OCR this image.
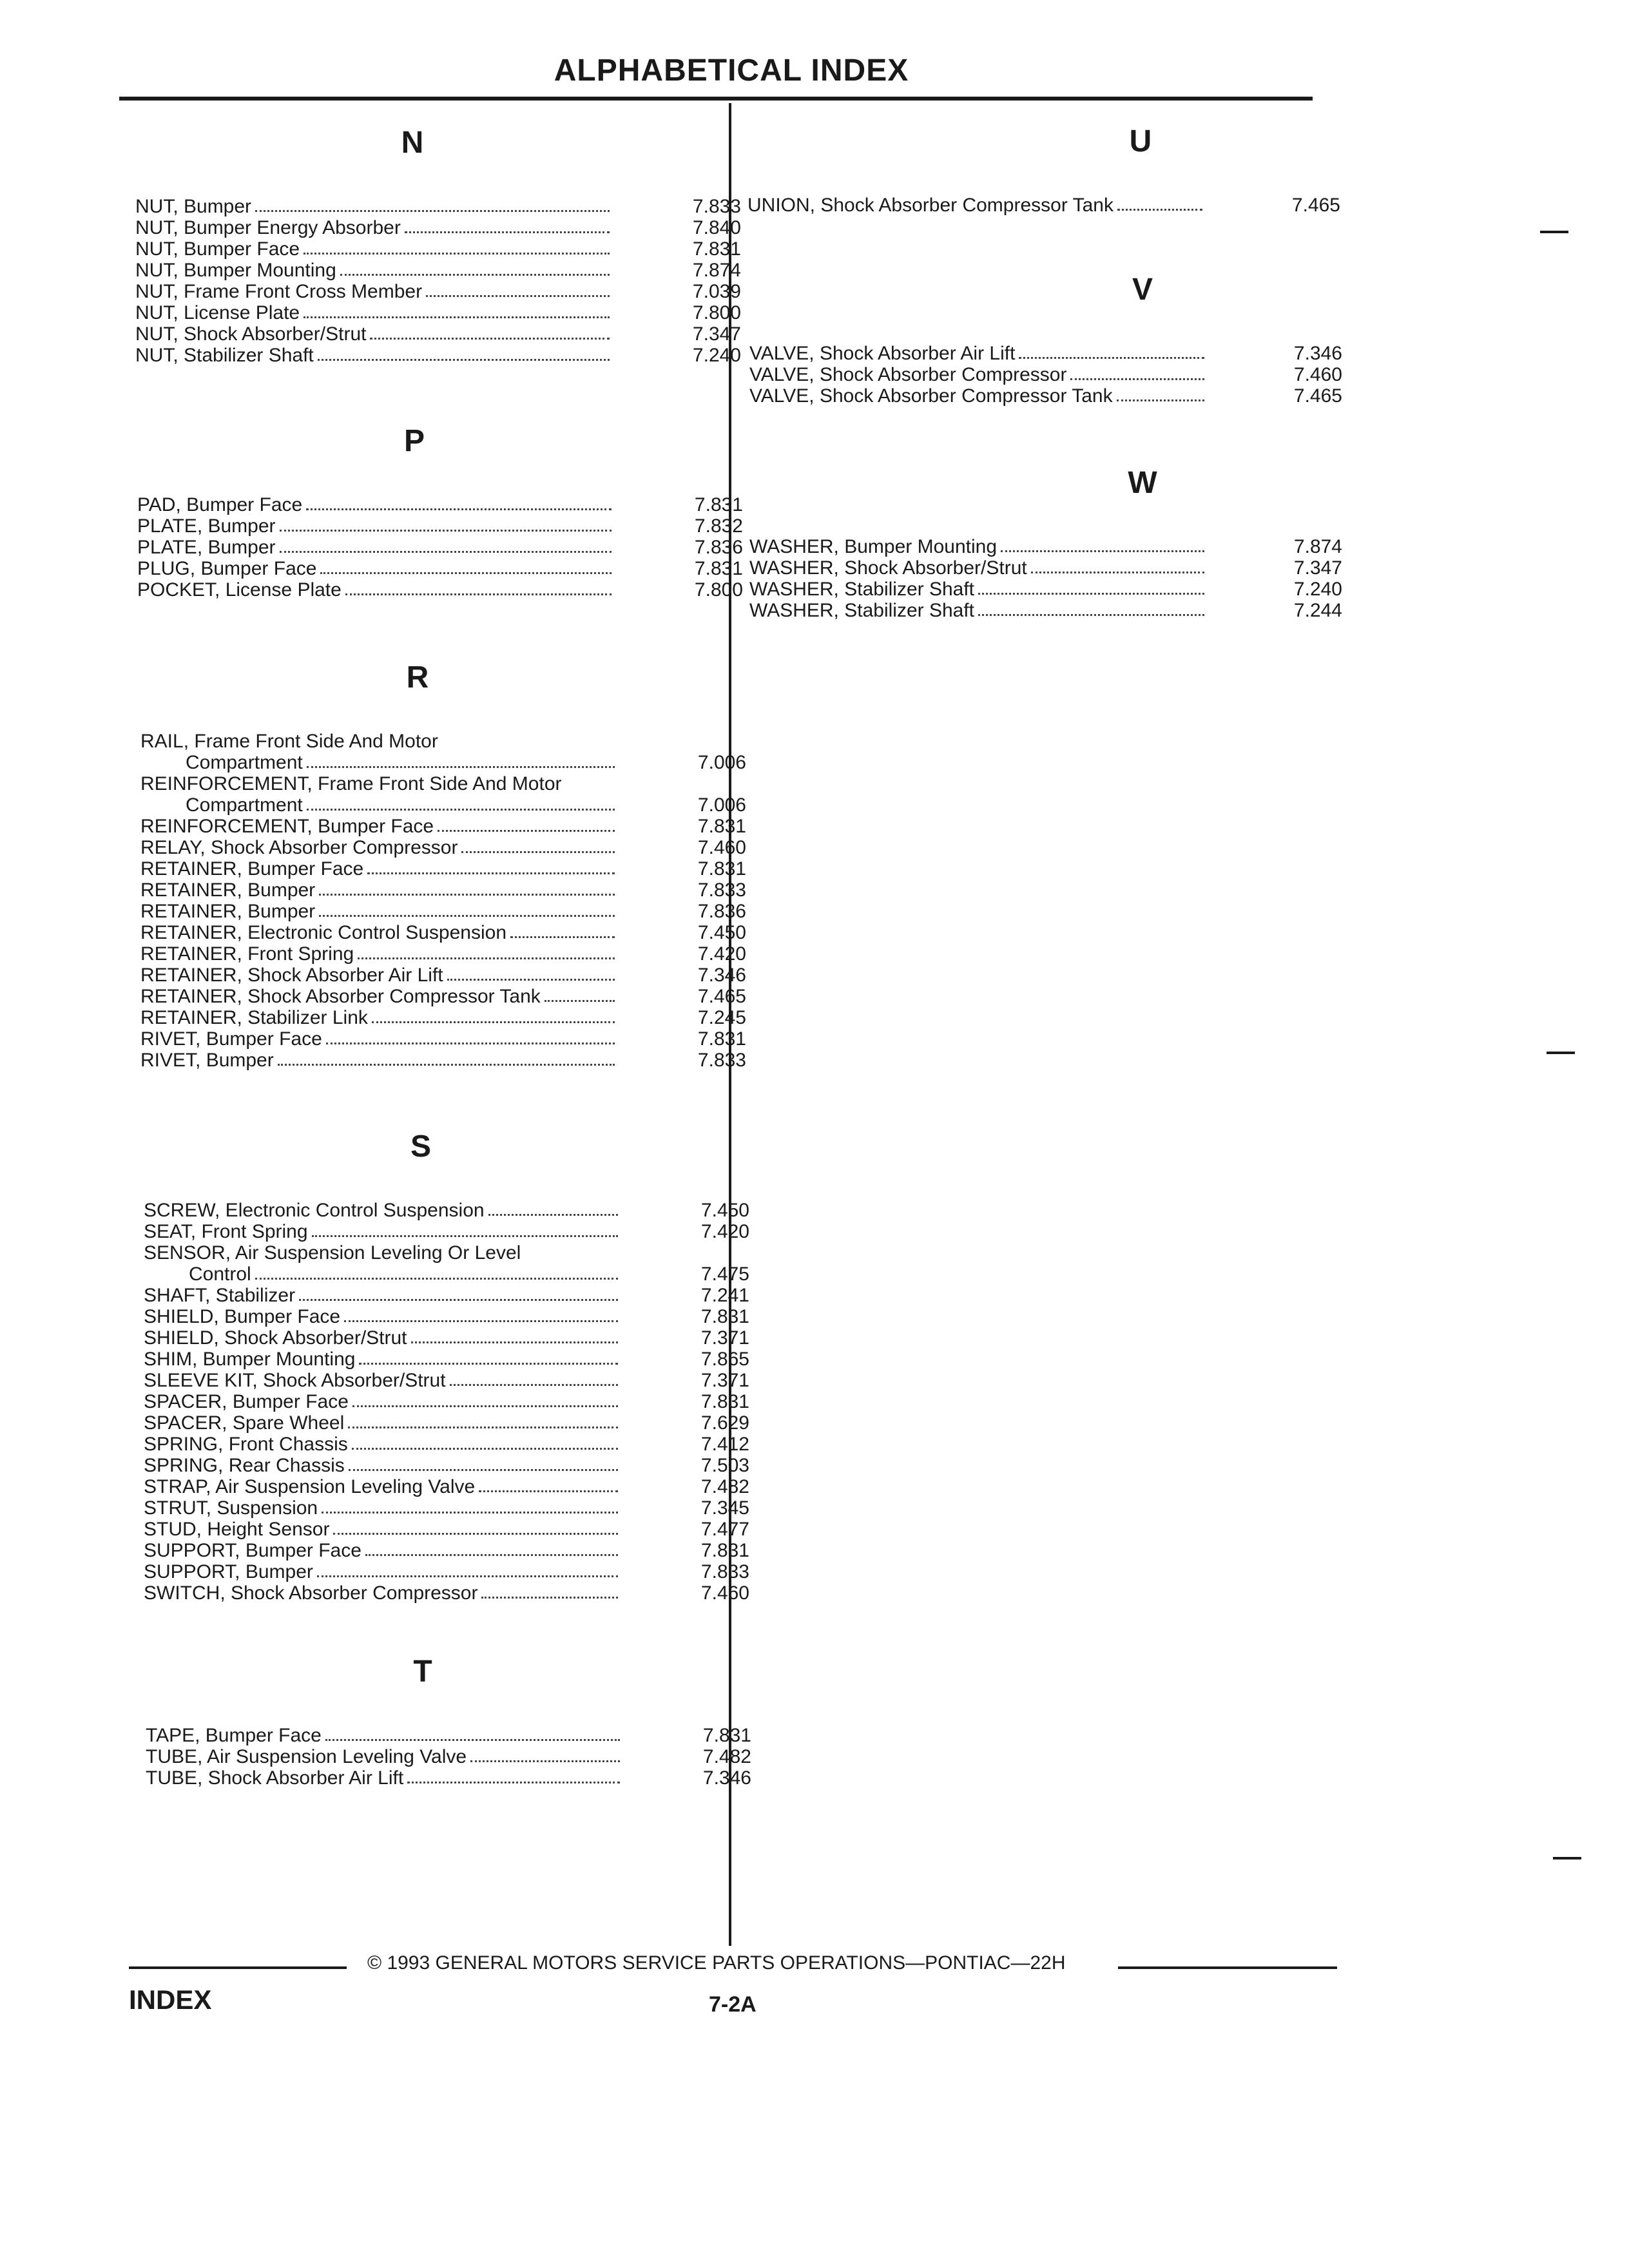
ALPHABETICAL INDEX
N
NUT, Bumper	7.833
NUT, Bumper Energy Absorber	7.840
NUT, Bumper Face	7.831
NUT, Bumper Mounting	7.874
NUT, Frame Front Cross Member	7.039
NUT, License Plate	7.800
NUT, Shock Absorber/Strut	7.347
NUT, Stabilizer Shaft	7.240
P
PAD, Bumper Face	7.831
PLATE, Bumper	7.832
PLATE, Bumper	7.836
PLUG, Bumper Face	7.831
POCKET, License Plate	7.800
R
RAIL, Frame Front Side And Motor
Compartment	7.006
REINFORCEMENT, Frame Front Side And Motor
Compartment	7.006
REINFORCEMENT, Bumper Face	7.831
RELAY, Shock Absorber Compressor	7.460
RETAINER, Bumper Face	7.831
RETAINER, Bumper	7.833
RETAINER, Bumper	7.836
RETAINER, Electronic Control Suspension	7.450
RETAINER, Front Spring	7.420
RETAINER, Shock Absorber Air Lift	7.346
RETAINER, Shock Absorber Compressor Tank	7.465
RETAINER, Stabilizer Link	7.245
RIVET, Bumper Face	7.831
RIVET, Bumper	7.833
S
SCREW, Electronic Control Suspension	7.450
SEAT, Front Spring	7.420
SENSOR, Air Suspension Leveling Or Level
Control	7.475
SHAFT, Stabilizer	7.241
SHIELD, Bumper Face	7.831
SHIELD, Shock Absorber/Strut	7.371
SHIM, Bumper Mounting	7.865
SLEEVE KIT, Shock Absorber/Strut	7.371
SPACER, Bumper Face	7.831
SPACER, Spare Wheel	7.629
SPRING, Front Chassis	7.412
SPRING, Rear Chassis	7.503
STRAP, Air Suspension Leveling Valve	7.482
STRUT, Suspension	7.345
STUD, Height Sensor	7.477
SUPPORT, Bumper Face	7.831
SUPPORT, Bumper	7.833
SWITCH, Shock Absorber Compressor	7.460
T
TAPE, Bumper Face	7.831
TUBE, Air Suspension Leveling Valve	7.482
TUBE, Shock Absorber Air Lift	7.346
U
UNION, Shock Absorber Compressor Tank	7.465
V
VALVE, Shock Absorber Air Lift	7.346
VALVE, Shock Absorber Compressor	7.460
VALVE, Shock Absorber Compressor Tank	7.465
W
WASHER, Bumper Mounting	7.874
WASHER, Shock Absorber/Strut	7.347
WASHER, Stabilizer Shaft	7.240
WASHER, Stabilizer Shaft	7.244
© 1993 GENERAL MOTORS SERVICE PARTS OPERATIONS—PONTIAC—22H
INDEX	7-2A
